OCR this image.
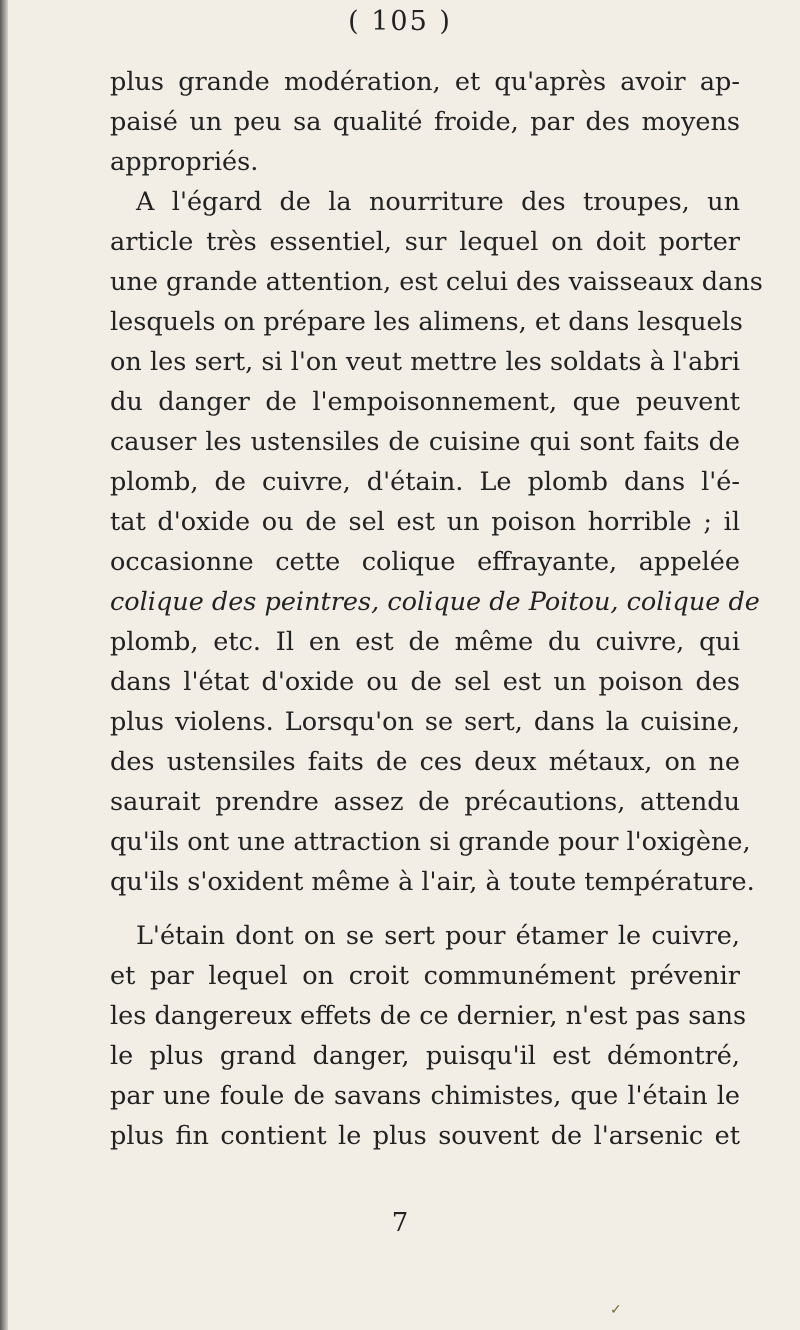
( 105 )

plus grande modération, et qu'après avoir ap-
paisé un peu sa qualité froide, par des moyens
appropriés.

A l'égard de la nourriture des troupes, un
article très essentiel, sur lequel on doit porter
une grande attention, est celui des vaisseaux dans
lesquels on prépare les alimens, et dans lesquels
on les sert, si l'on veut mettre les soldats à l'abri
du danger de l'empoisonnement, que peuvent
causer les ustensiles de cuisine qui sont faits de
plomb, de cuivre, d'étain. Le plomb dans l'é-
tat d'oxide ou de sel est un poison horrible ; il
occasionne cette colique effrayante, appelée
colique des peintres, colique de Poitou, colique de
plomb, etc. Il en est de même du cuivre, qui
dans l'état d'oxide ou de sel est un poison des
plus violens. Lorsqu'on se sert, dans la cuisine,
des ustensiles faits de ces deux métaux, on ne
saurait prendre assez de précautions, attendu
qu'ils ont une attraction si grande pour l'oxigène,
qu'ils s'oxident même à l'air, à toute température.

L'étain dont on se sert pour étamer le cuivre,
et par lequel on croit communément prévenir
les dangereux effets de ce dernier, n'est pas sans
le plus grand danger, puisqu'il est démontré,
par une foule de savans chimistes, que l'étain le
plus fin contient le plus souvent de l'arsenic et

7
✓
